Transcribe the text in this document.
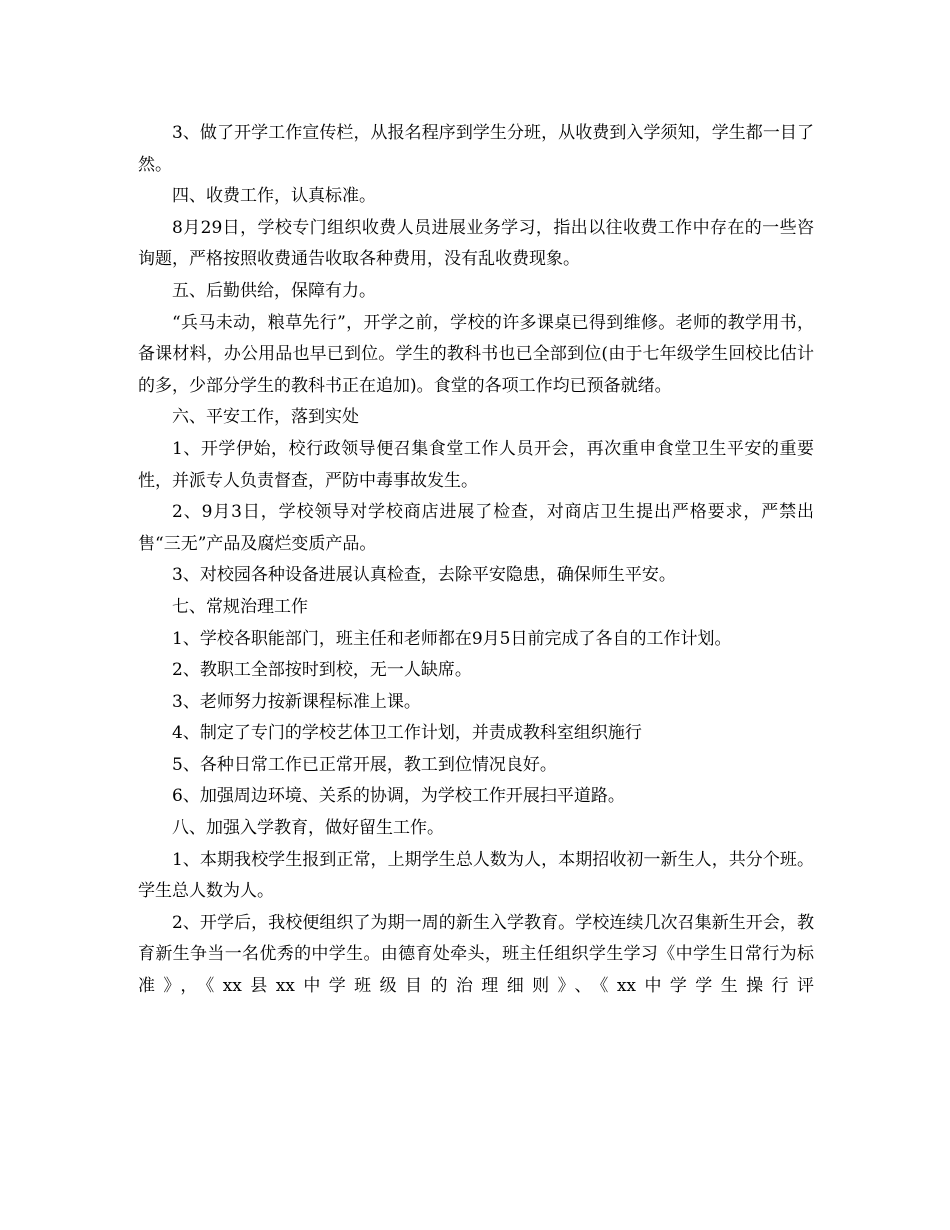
3、做了开学工作宣传栏，从报名程序到学生分班，从收费到入学须知，学生都一目了然。

四、收费工作，认真标准。

8月29日，学校专门组织收费人员进展业务学习，指出以往收费工作中存在的一些咨询题，严格按照收费通告收取各种费用，没有乱收费现象。

五、后勤供给，保障有力。

“兵马未动，粮草先行”，开学之前，学校的许多课桌已得到维修。老师的教学用书，备课材料，办公用品也早已到位。学生的教科书也已全部到位(由于七年级学生回校比估计的多，少部分学生的教科书正在追加)。食堂的各项工作均已预备就绪。

六、平安工作，落到实处

1、开学伊始，校行政领导便召集食堂工作人员开会，再次重申食堂卫生平安的重要性，并派专人负责督查，严防中毒事故发生。

2、9月3日，学校领导对学校商店进展了检查，对商店卫生提出严格要求，严禁出售“三无”产品及腐烂变质产品。

3、对校园各种设备进展认真检查，去除平安隐患，确保师生平安。

七、常规治理工作

1、学校各职能部门，班主任和老师都在9月5日前完成了各自的工作计划。

2、教职工全部按时到校，无一人缺席。

3、老师努力按新课程标准上课。

4、制定了专门的学校艺体卫工作计划，并责成教科室组织施行

5、各种日常工作已正常开展，教工到位情况良好。

6、加强周边环境、关系的协调，为学校工作开展扫平道路。

八、加强入学教育，做好留生工作。

1、本期我校学生报到正常，上期学生总人数为人，本期招收初一新生人，共分个班。学生总人数为人。

2、开学后，我校便组织了为期一周的新生入学教育。学校连续几次召集新生开会，教育新生争当一名优秀的中学生。由德育处牵头，班主任组织学生学习《中学生日常行为标准》，《xx县xx中学班级目的治理细则》、《xx中学学生操行评
